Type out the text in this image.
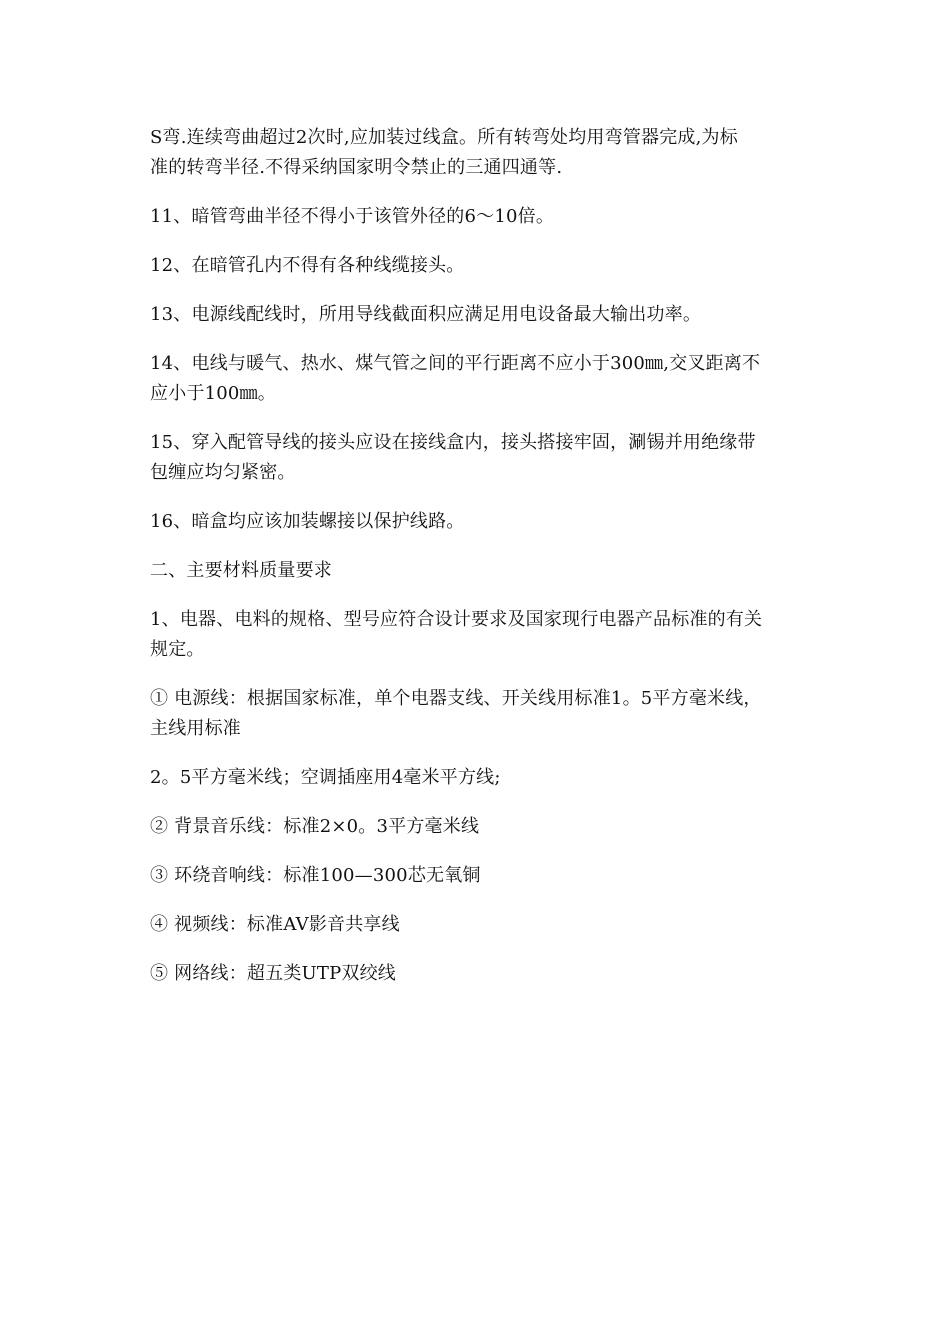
S弯.连续弯曲超过2次时,应加装过线盒。所有转弯处均用弯管器完成,为标
准的转弯半径.不得采纳国家明令禁止的三通四通等.

11、暗管弯曲半径不得小于该管外径的6～10倍。

12、在暗管孔内不得有各种线缆接头。

13、电源线配线时，所用导线截面积应满足用电设备最大输出功率。

14、电线与暖气、热水、煤气管之间的平行距离不应小于300㎜,交叉距离不
应小于100㎜。

15、穿入配管导线的接头应设在接线盒内，接头搭接牢固，涮锡并用绝缘带
包缠应均匀紧密。

16、暗盒均应该加装螺接以保护线路。

二、主要材料质量要求

1、电器、电料的规格、型号应符合设计要求及国家现行电器产品标准的有关
规定。

① 电源线：根据国家标准，单个电器支线、开关线用标准1。5平方毫米线，
主线用标准

2。5平方毫米线；空调插座用4毫米平方线;

② 背景音乐线：标准2×0。3平方毫米线

③ 环绕音响线：标准100—300芯无氧铜

④ 视频线：标准AV影音共享线

⑤ 网络线：超五类UTP双绞线
